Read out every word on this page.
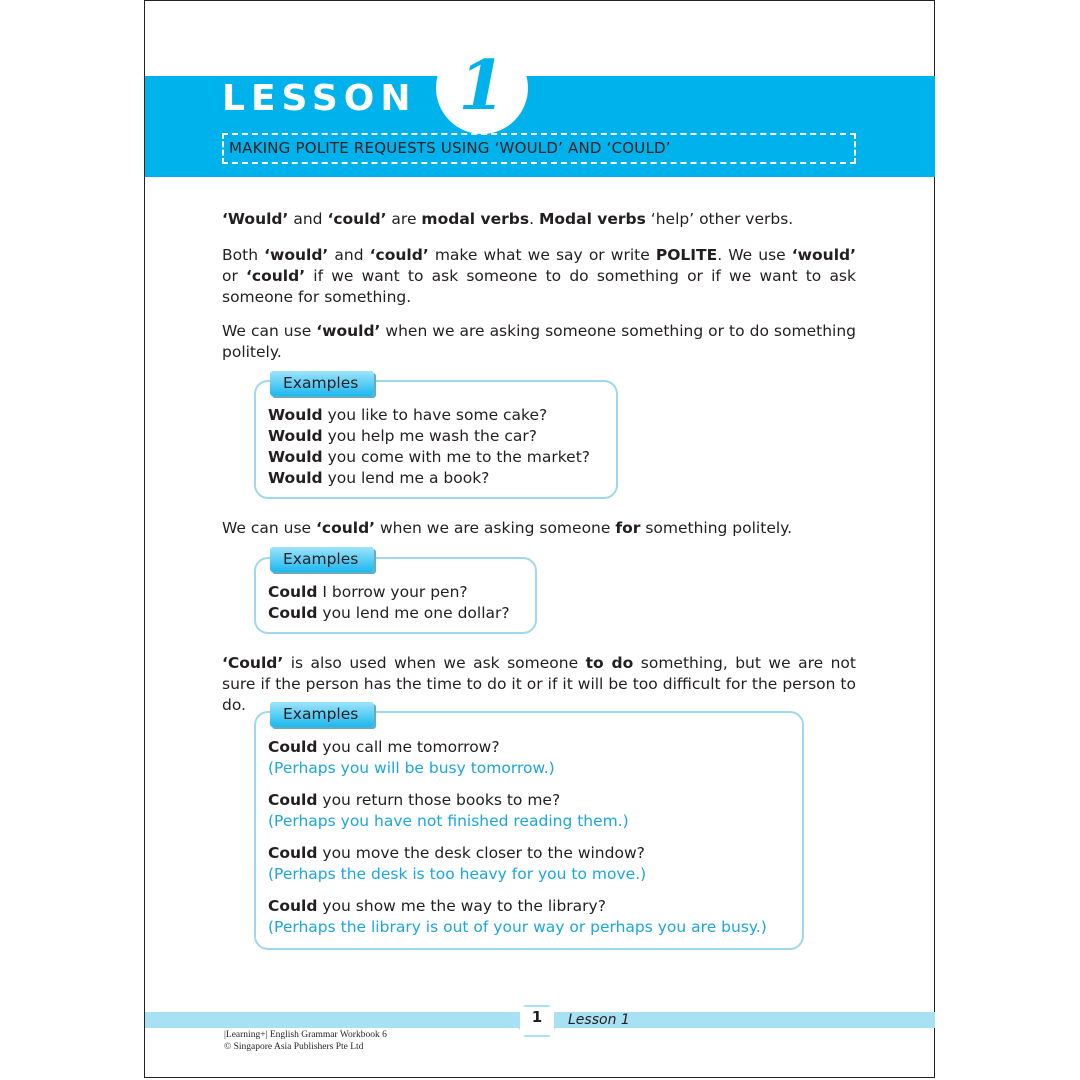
LESSON 1
MAKING POLITE REQUESTS USING ‘WOULD’ AND ‘COULD’

‘Would’ and ‘could’ are modal verbs. Modal verbs ‘help’ other verbs.

Both ‘would’ and ‘could’ make what we say or write POLITE. We use ‘would’ or ‘could’ if we want to ask someone to do something or if we want to ask someone for something.

We can use ‘would’ when we are asking someone something or to do something politely.

Examples
Would you like to have some cake?
Would you help me wash the car?
Would you come with me to the market?
Would you lend me a book?

We can use ‘could’ when we are asking someone for something politely.

Examples
Could I borrow your pen?
Could you lend me one dollar?

‘Could’ is also used when we ask someone to do something, but we are not sure if the person has the time to do it or if it will be too difficult for the person to do.	Examples
Could you call me tomorrow?
(Perhaps you will be busy tomorrow.)
Could you return those books to me?
(Perhaps you have not finished reading them.)
Could you move the desk closer to the window?
(Perhaps the desk is too heavy for you to move.)
Could you show me the way to the library?
(Perhaps the library is out of your way or perhaps you are busy.)
1	Lesson 1
|Learning+| English Grammar Workbook 6
© Singapore Asia Publishers Pte Ltd
